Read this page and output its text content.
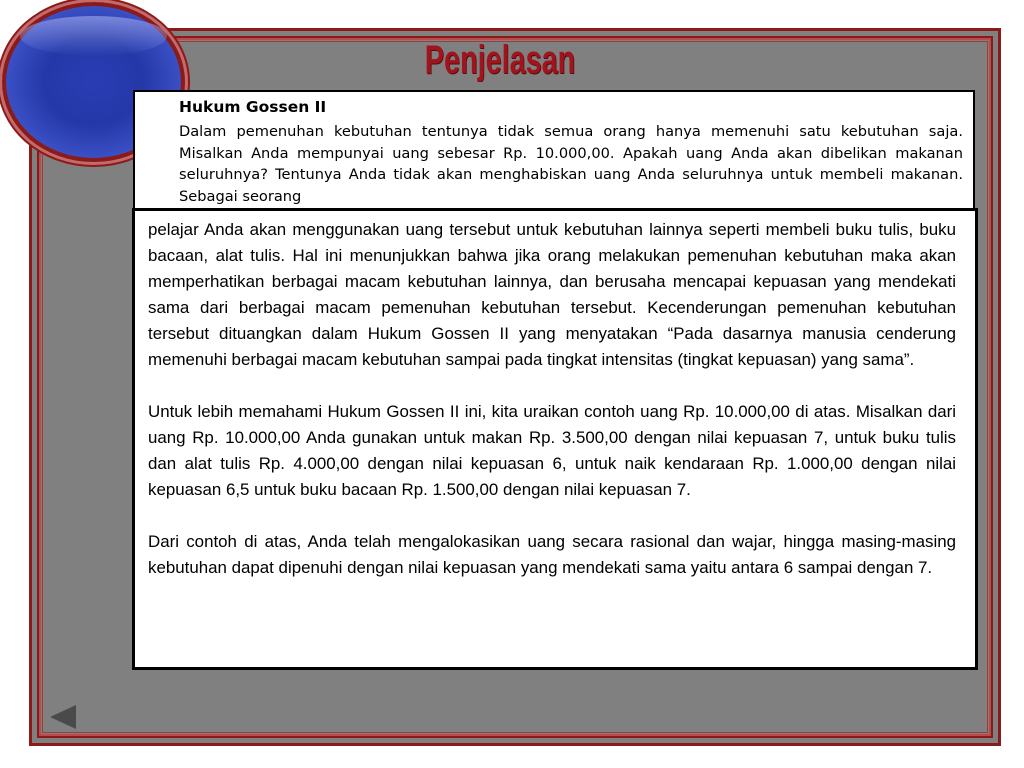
Penjelasan
Hukum Gossen II
Dalam pemenuhan kebutuhan tentunya tidak semua orang hanya memenuhi satu kebutuhan saja. Misalkan Anda mempunyai uang sebesar Rp. 10.000,00. Apakah uang Anda akan dibelikan makanan seluruhnya? Tentunya Anda tidak akan menghabiskan uang Anda seluruhnya untuk membeli makanan. Sebagai seorang

pelajar Anda akan menggunakan uang tersebut untuk kebutuhan lainnya seperti membeli buku tulis, buku bacaan, alat tulis. Hal ini menunjukkan bahwa jika orang melakukan pemenuhan kebutuhan maka akan memperhatikan berbagai macam kebutuhan lainnya, dan berusaha mencapai kepuasan yang mendekati sama dari berbagai macam pemenuhan kebutuhan tersebut. Kecenderungan pemenuhan kebutuhan tersebut dituangkan dalam Hukum Gossen II yang menyatakan “Pada dasarnya manusia cenderung memenuhi berbagai macam kebutuhan sampai pada tingkat intensitas (tingkat kepuasan) yang sama”.

Untuk lebih memahami Hukum Gossen II ini, kita uraikan contoh uang Rp. 10.000,00 di atas. Misalkan dari uang Rp. 10.000,00 Anda gunakan untuk makan Rp. 3.500,00 dengan nilai kepuasan 7, untuk buku tulis dan alat tulis Rp. 4.000,00 dengan nilai kepuasan 6, untuk naik kendaraan Rp. 1.000,00 dengan nilai kepuasan 6,5 untuk buku bacaan Rp. 1.500,00 dengan nilai kepuasan 7.

Dari contoh di atas, Anda telah mengalokasikan uang secara rasional dan wajar, hingga masing-masing kebutuhan dapat dipenuhi dengan nilai kepuasan yang mendekati sama yaitu antara 6 sampai dengan 7.
